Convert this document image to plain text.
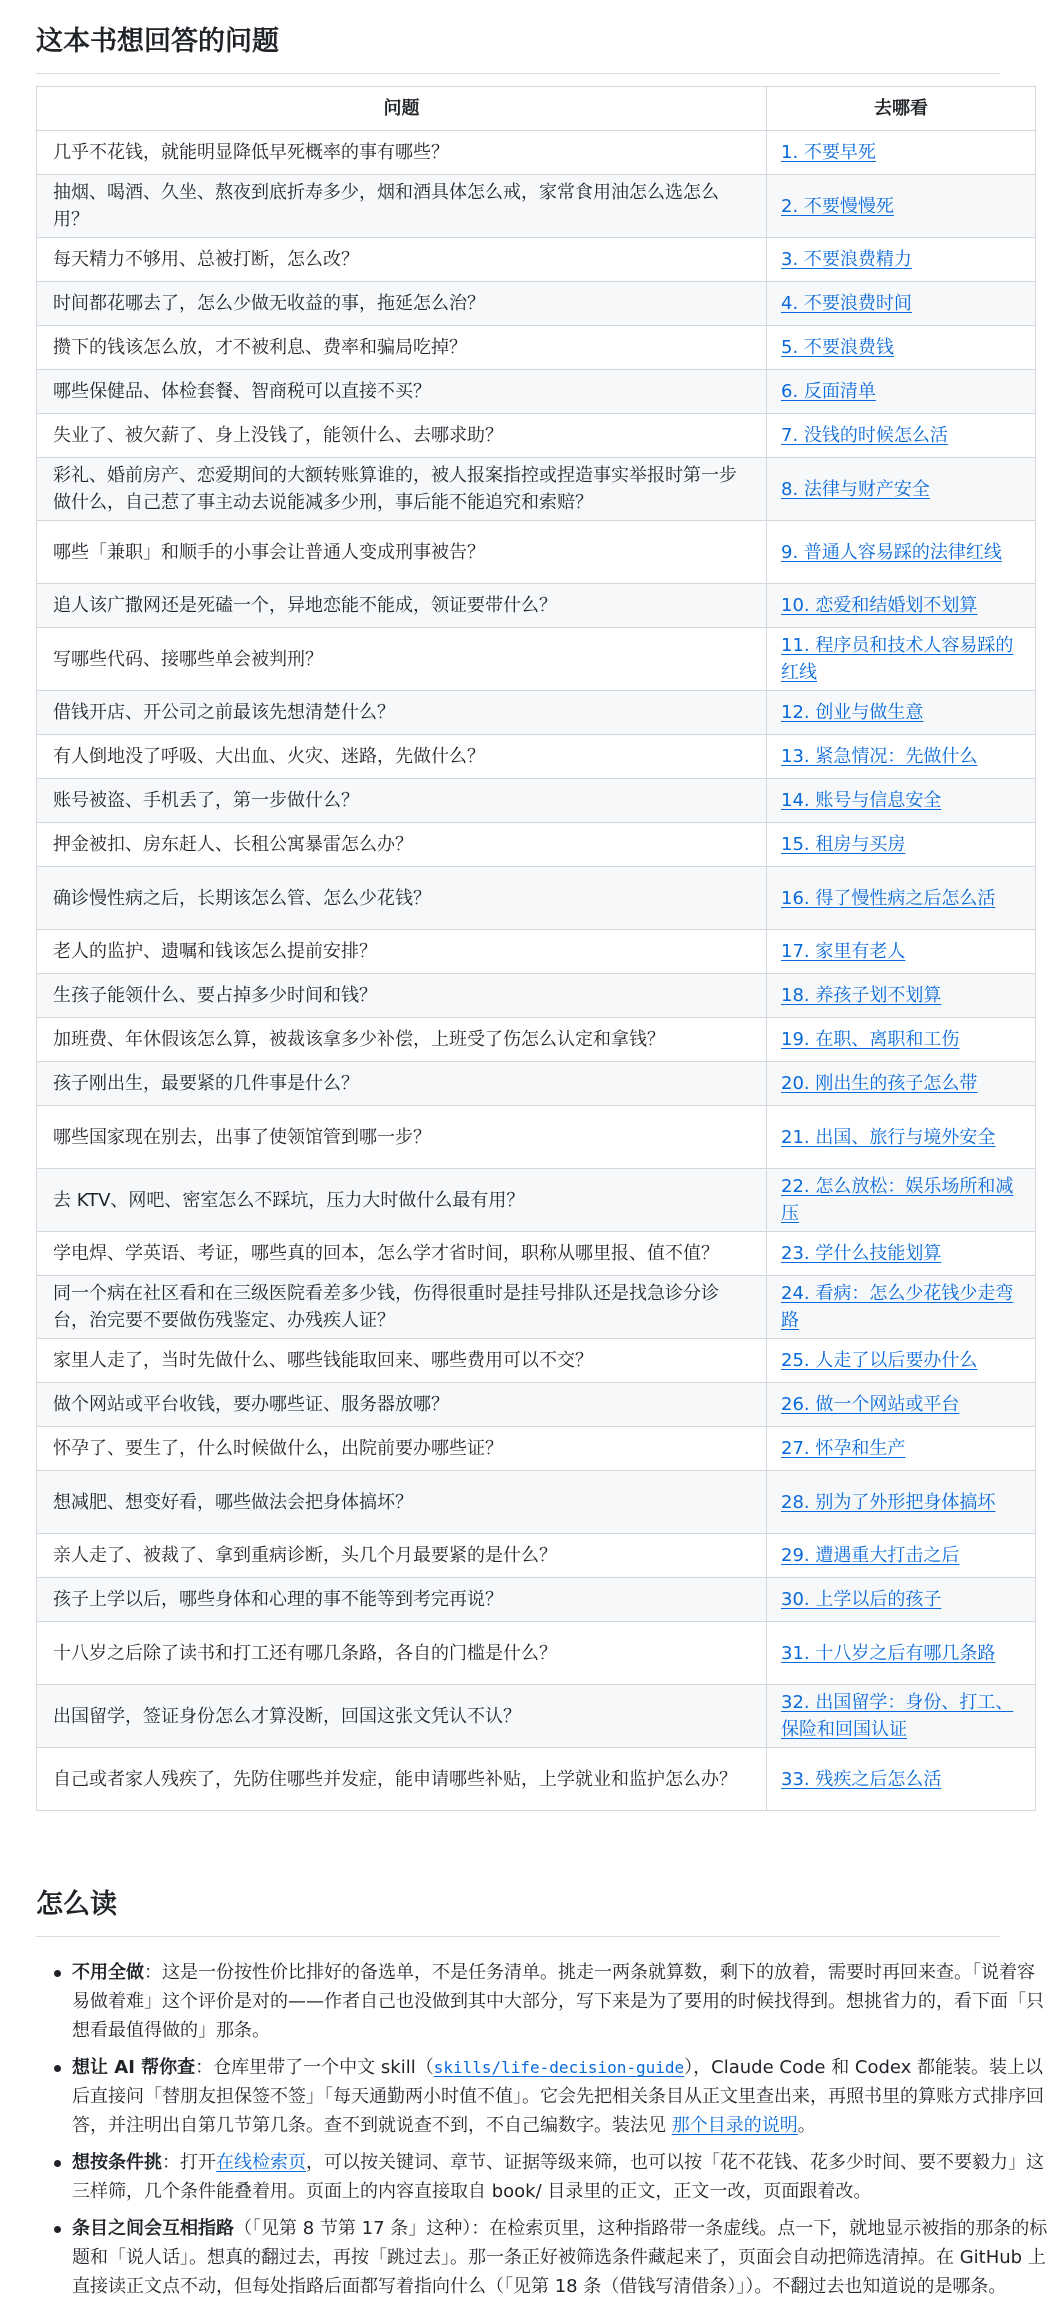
这本书想回答的问题
问题	去哪看
几乎不花钱，就能明显降低早死概率的事有哪些？	1. 不要早死
抽烟、喝酒、久坐、熬夜到底折寿多少，烟和酒具体怎么戒，家常食用油怎么选怎么用？	2. 不要慢慢死
每天精力不够用、总被打断，怎么改？	3. 不要浪费精力
时间都花哪去了，怎么少做无收益的事，拖延怎么治？	4. 不要浪费时间
攒下的钱该怎么放，才不被利息、费率和骗局吃掉？	5. 不要浪费钱
哪些保健品、体检套餐、智商税可以直接不买？	6. 反面清单
失业了、被欠薪了、身上没钱了，能领什么、去哪求助？	7. 没钱的时候怎么活
彩礼、婚前房产、恋爱期间的大额转账算谁的，被人报案指控或捏造事实举报时第一步做什么，自己惹了事主动去说能减多少刑，事后能不能追究和索赔？	8. 法律与财产安全
哪些「兼职」和顺手的小事会让普通人变成刑事被告？	9. 普通人容易踩的法律红线
追人该广撒网还是死磕一个，异地恋能不能成，领证要带什么？	10. 恋爱和结婚划不划算
写哪些代码、接哪些单会被判刑？	11. 程序员和技术人容易踩的红线
借钱开店、开公司之前最该先想清楚什么？	12. 创业与做生意
有人倒地没了呼吸、大出血、火灾、迷路，先做什么？	13. 紧急情况：先做什么
账号被盗、手机丢了，第一步做什么？	14. 账号与信息安全
押金被扣、房东赶人、长租公寓暴雷怎么办？	15. 租房与买房
确诊慢性病之后，长期该怎么管、怎么少花钱？	16. 得了慢性病之后怎么活
老人的监护、遗嘱和钱该怎么提前安排？	17. 家里有老人
生孩子能领什么、要占掉多少时间和钱？	18. 养孩子划不划算
加班费、年休假该怎么算，被裁该拿多少补偿，上班受了伤怎么认定和拿钱？	19. 在职、离职和工伤
孩子刚出生，最要紧的几件事是什么？	20. 刚出生的孩子怎么带
哪些国家现在别去，出事了使领馆管到哪一步？	21. 出国、旅行与境外安全
去 KTV、网吧、密室怎么不踩坑，压力大时做什么最有用？	22. 怎么放松：娱乐场所和减压
学电焊、学英语、考证，哪些真的回本，怎么学才省时间，职称从哪里报、值不值？	23. 学什么技能划算
同一个病在社区看和在三级医院看差多少钱，伤得很重时是挂号排队还是找急诊分诊台，治完要不要做伤残鉴定、办残疾人证？	24. 看病：怎么少花钱少走弯路
家里人走了，当时先做什么、哪些钱能取回来、哪些费用可以不交？	25. 人走了以后要办什么
做个网站或平台收钱，要办哪些证、服务器放哪？	26. 做一个网站或平台
怀孕了、要生了，什么时候做什么，出院前要办哪些证？	27. 怀孕和生产
想减肥、想变好看，哪些做法会把身体搞坏？	28. 别为了外形把身体搞坏
亲人走了、被裁了、拿到重病诊断，头几个月最要紧的是什么？	29. 遭遇重大打击之后
孩子上学以后，哪些身体和心理的事不能等到考完再说？	30. 上学以后的孩子
十八岁之后除了读书和打工还有哪几条路，各自的门槛是什么？	31. 十八岁之后有哪几条路
出国留学，签证身份怎么才算没断，回国这张文凭认不认？	32. 出国留学：身份、打工、保险和回国认证
自己或者家人残疾了，先防住哪些并发症，能申请哪些补贴，上学就业和监护怎么办？	33. 残疾之后怎么活
怎么读
不用全做：这是一份按性价比排好的备选单，不是任务清单。挑走一两条就算数，剩下的放着，需要时再回来查。「说着容易做着难」这个评价是对的——作者自己也没做到其中大部分，写下来是为了要用的时候找得到。想挑省力的，看下面「只想看最值得做的」那条。
想让 AI 帮你查：仓库里带了一个中文 skill（skills/life-decision-guide），Claude Code 和 Codex 都能装。装上以后直接问「替朋友担保签不签」「每天通勤两小时值不值」。它会先把相关条目从正文里查出来，再照书里的算账方式排序回答，并注明出自第几节第几条。查不到就说查不到，不自己编数字。装法见 那个目录的说明。
想按条件挑：打开在线检索页，可以按关键词、章节、证据等级来筛，也可以按「花不花钱、花多少时间、要不要毅力」这三样筛，几个条件能叠着用。页面上的内容直接取自 book/ 目录里的正文，正文一改，页面跟着改。
条目之间会互相指路（「见第 8 节第 17 条」这种）：在检索页里，这种指路带一条虚线。点一下，就地显示被指的那条的标题和「说人话」。想真的翻过去，再按「跳过去」。那一条正好被筛选条件藏起来了，页面会自动把筛选清掉。在 GitHub 上直接读正文点不动，但每处指路后面都写着指向什么（「见第 18 条（借钱写清借条）」）。不翻过去也知道说的是哪条。
